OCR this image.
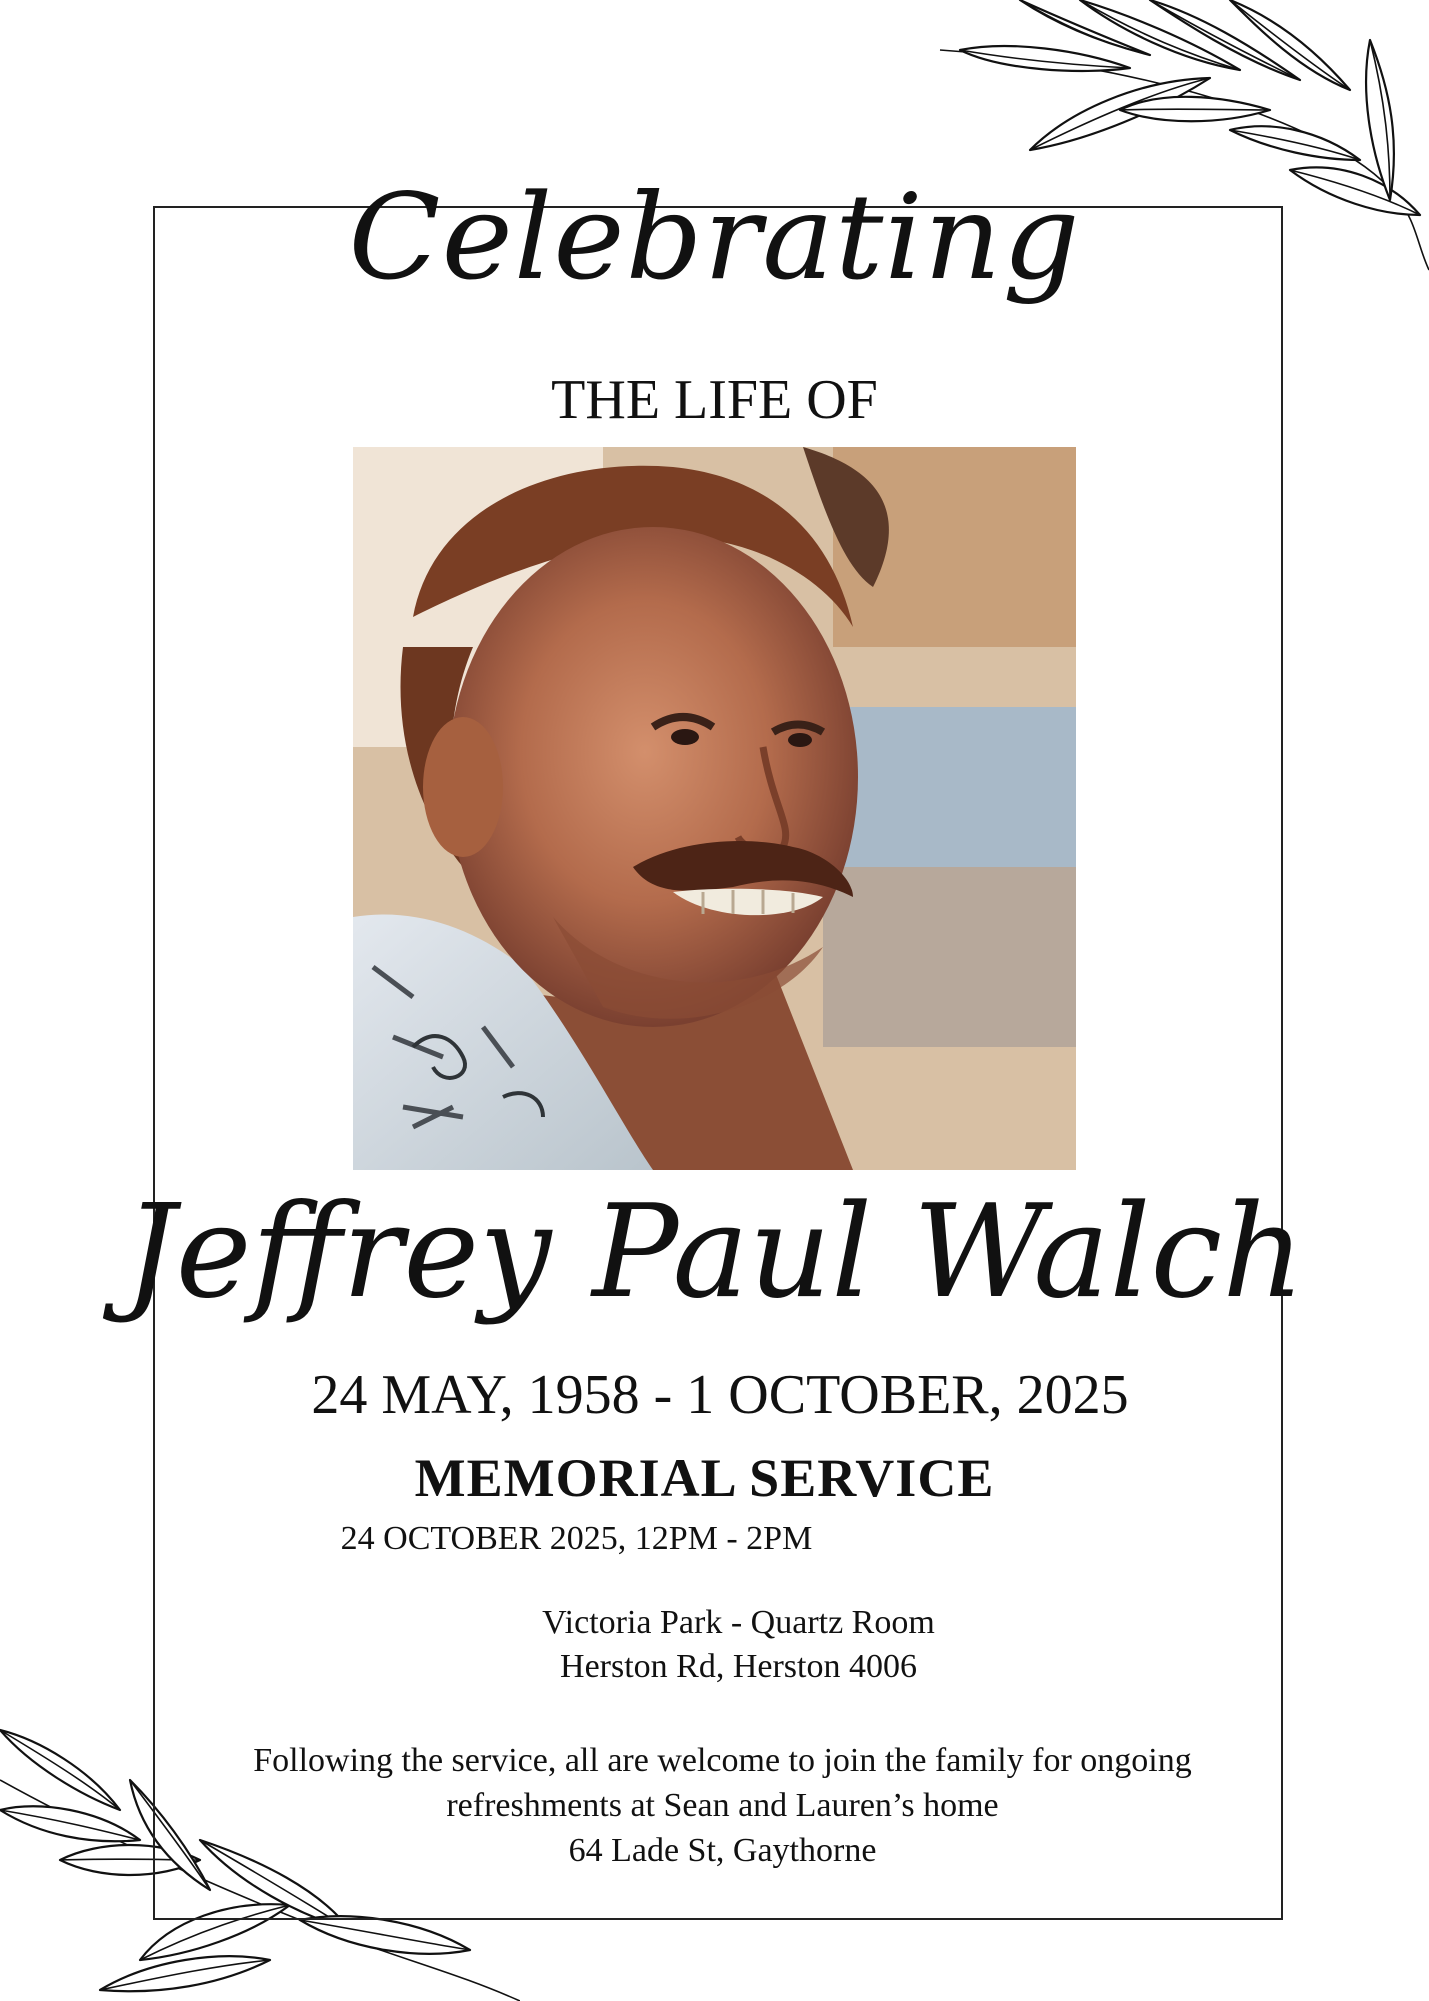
Celebrating
THE LIFE OF
Jeffrey Paul Walch
24 MAY, 1958 - 1 OCTOBER, 2025
MEMORIAL SERVICE
24 OCTOBER 2025, 12PM - 2PM
Victoria Park - Quartz Room
Herston Rd, Herston 4006
Following the service, all are welcome to join the family for ongoing
refreshments at Sean and Lauren’s home
64 Lade St, Gaythorne
